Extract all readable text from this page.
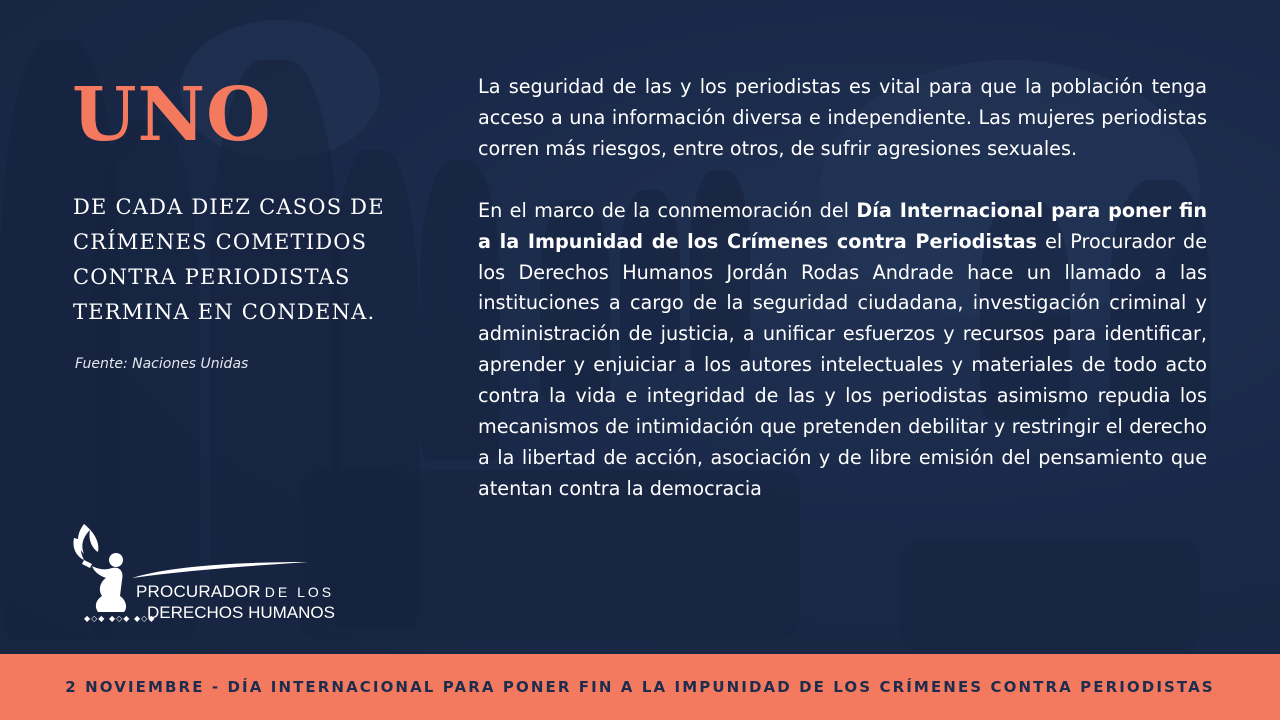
UNO

DE CADA DIEZ CASOS DE CRÍMENES COMETIDOS CONTRA PERIODISTAS TERMINA EN CONDENA.

Fuente: Naciones Unidas

PROCURADOR DE LOS
DERECHOS HUMANOS
◆◇◆ ◆◇◆ ◆◇◆

La seguridad de las y los periodistas es vital para que la población tenga acceso a una información diversa e independiente. Las mujeres periodistas corren más riesgos, entre otros, de sufrir agresiones sexuales.

En el marco de la conmemoración del Día Internacional para poner fin a la Impunidad de los Crímenes contra Periodistas el Procurador de los Derechos Humanos Jordán Rodas Andrade hace un llamado a las instituciones a cargo de la seguridad ciudadana, investigación criminal y administración de justicia, a unificar esfuerzos y recursos para identificar, aprender y enjuiciar a los autores intelectuales y materiales de todo acto contra la vida e integridad de las y los periodistas asimismo repudia los mecanismos de intimidación que pretenden debilitar y restringir el derecho a la libertad de acción, asociación y de libre emisión del pensamiento que atentan contra la democracia

2 NOVIEMBRE - DÍA INTERNACIONAL PARA PONER FIN A LA IMPUNIDAD DE LOS CRÍMENES CONTRA PERIODISTAS
